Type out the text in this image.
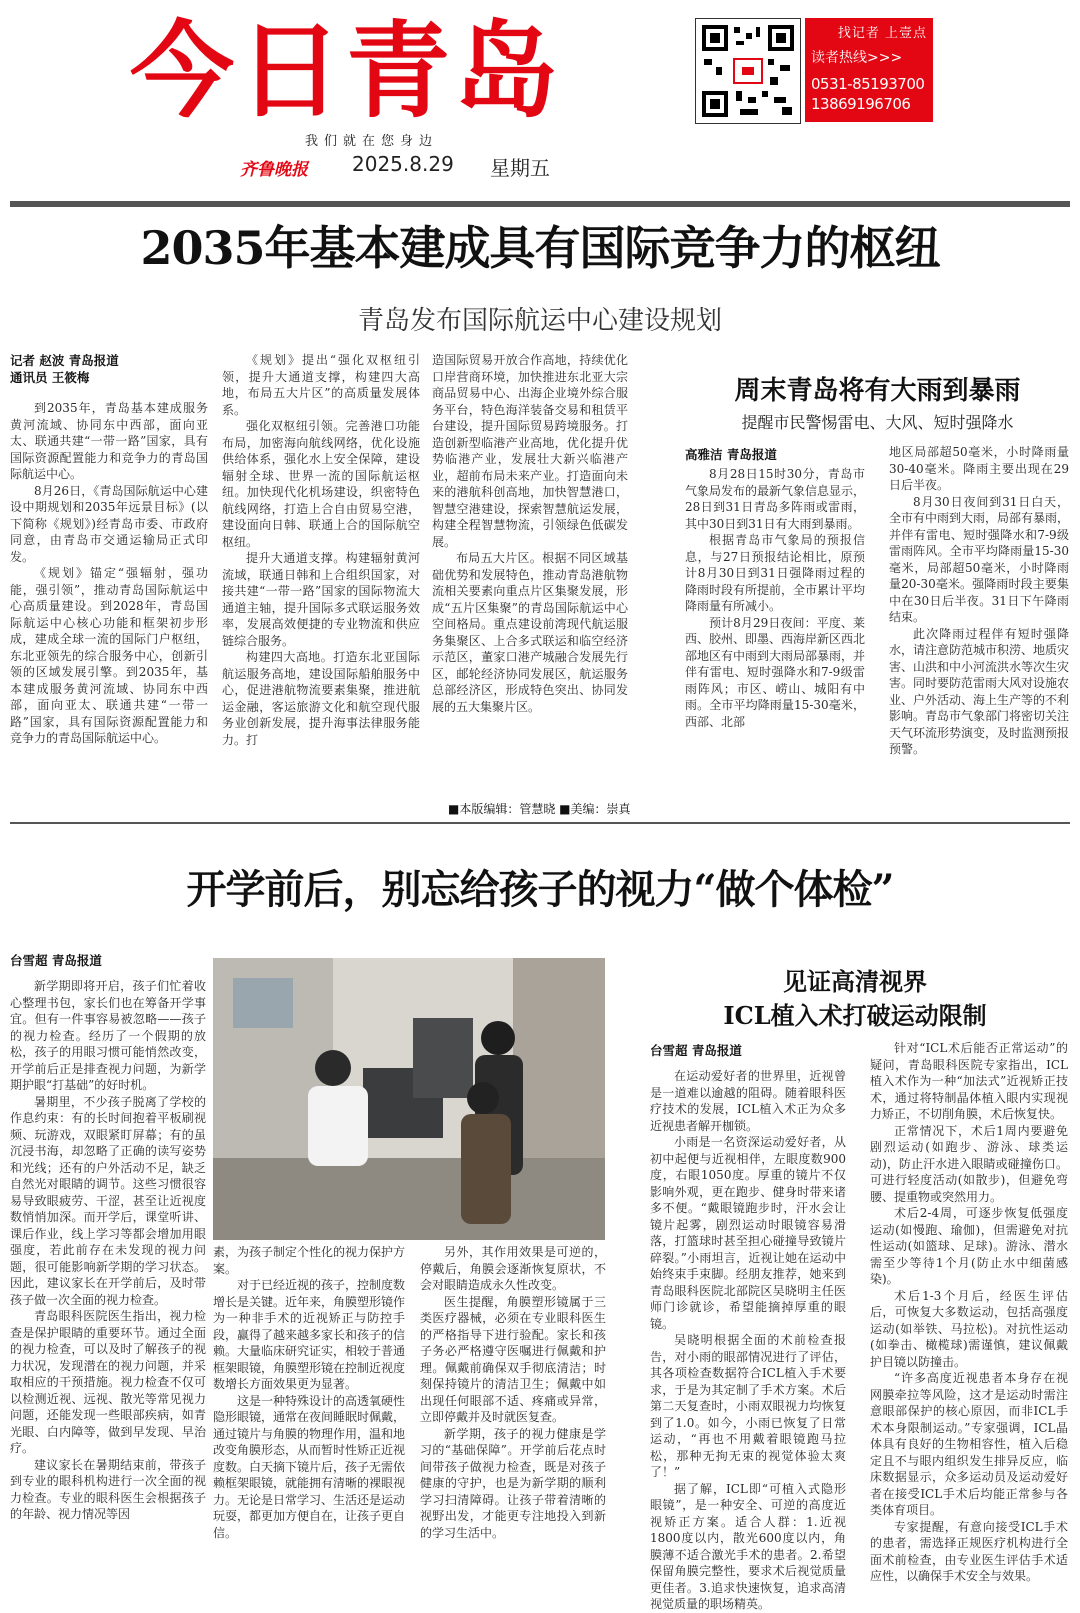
今日青岛	找记者 上壹点
读者热线>>>
0531-85193700
13869196706
我们就在您身边
齐鲁晚报 2025.8.29 星期五
2035年基本建成具有国际竞争力的枢纽
青岛发布国际航运中心建设规划
记者 赵波 青岛报道
通讯员 王筱梅

到2035年，青岛基本建成服务黄河流域、协同东中西部，面向亚太、联通共建“一带一路”国家，具有国际资源配置能力和竞争力的青岛国际航运中心。

8月26日，《青岛国际航运中心建设中期规划和2035年远景目标》(以下简称《规划》)经青岛市委、市政府同意，由青岛市交通运输局正式印发。

《规划》锚定“强辐射，强功能，强引领”，推动青岛国际航运中心高质量建设。到2028年，青岛国际航运中心核心功能和框架初步形成，建成全球一流的国际门户枢纽，东北亚领先的综合服务中心，创新引领的区域发展引擎。到2035年，基本建成服务黄河流域、协同东中西部，面向亚太、联通共建“一带一路”国家，具有国际资源配置能力和竞争力的青岛国际航运中心。

《规划》提出“强化双枢纽引领，提升大通道支撑，构建四大高地，布局五大片区”的高质量发展体系。

强化双枢纽引领。完善港口功能布局，加密海向航线网络，优化设施供给体系，强化水上安全保障，建设辐射全球、世界一流的国际航运枢纽。加快现代化机场建设，织密特色航线网络，打造上合自由贸易空港，建设面向日韩、联通上合的国际航空枢纽。

提升大通道支撑。构建辐射黄河流域，联通日韩和上合组织国家，对接共建“一带一路”国家的国际物流大通道主轴，提升国际多式联运服务效率，发展高效便捷的专业物流和供应链综合服务。

构建四大高地。打造东北亚国际航运服务高地，建设国际船舶服务中心，促进港航物流要素集聚，推进航运金融，客运旅游文化和航空现代服务业创新发展，提升海事法律服务能力。打

造国际贸易开放合作高地，持续优化口岸营商环境，加快推进东北亚大宗商品贸易中心、出海企业境外综合服务平台，特色海洋装备交易和租赁平台建设，提升国际贸易跨境服务。打造创新型临港产业高地，优化提升优势临港产业，发展壮大新兴临港产业，超前布局未来产业。打造面向未来的港航科创高地，加快智慧港口，智慧空港建设，探索智慧航运发展，构建全程智慧物流，引领绿色低碳发展。

布局五大片区。根据不同区域基础优势和发展特色，推动青岛港航物流相关要素向重点片区集聚发展，形成“五片区集聚”的青岛国际航运中心空间格局。重点建设前湾现代航运服务集聚区、上合多式联运和临空经济示范区，董家口港产城融合发展先行区，邮轮经济协同发展区，航运服务总部经济区，形成特色突出、协同发展的五大集聚片区。

周末青岛将有大雨到暴雨
提醒市民警惕雷电、大风、短时强降水
高雅洁 青岛报道

8月28日15时30分，青岛市气象局发布的最新气象信息显示，28日到31日青岛多阵雨或雷雨，其中30日到31日有大雨到暴雨。

根据青岛市气象局的预报信息，与27日预报结论相比，原预计8月30日到31日强降雨过程的降雨时段有所提前，全市累计平均降雨量有所减小。

预计8月29日夜间：平度、莱西、胶州、即墨、西海岸新区西北部地区有中雨到大雨局部暴雨，并伴有雷电、短时强降水和7-9级雷雨阵风；市区、崂山、城阳有中雨。全市平均降雨量15-30毫米，西部、北部

地区局部超50毫米，小时降雨量30-40毫米。降雨主要出现在29日后半夜。

8月30日夜间到31日白天，全市有中雨到大雨，局部有暴雨，并伴有雷电、短时强降水和7-9级雷雨阵风。全市平均降雨量15-30毫米，局部超50毫米，小时降雨量20-30毫米。强降雨时段主要集中在30日后半夜。31日下午降雨结束。

此次降雨过程伴有短时强降水，请注意防范城市积涝、地质灾害、山洪和中小河流洪水等次生灾害。同时要防范雷雨大风对设施农业、户外活动、海上生产等的不利影响。青岛市气象部门将密切关注天气环流形势演变，及时监测预报预警。

■本版编辑：管慧晓 ■美编：崇真
开学前后，别忘给孩子的视力“做个体检”
台雪超 青岛报道

新学期即将开启，孩子们忙着收心整理书包，家长们也在筹备开学事宜。但有一件事容易被忽略——孩子的视力检查。经历了一个假期的放松，孩子的用眼习惯可能悄然改变，开学前后正是排查视力问题，为新学期护眼“打基础”的好时机。

暑期里，不少孩子脱离了学校的作息约束：有的长时间抱着平板刷视频、玩游戏，双眼紧盯屏幕；有的虽沉浸书海，却忽略了正确的读写姿势和光线；还有的户外活动不足，缺乏自然光对眼睛的调节。这些习惯很容易导致眼疲劳、干涩，甚至让近视度数悄悄加深。而开学后，课堂听讲、课后作业，线上学习等都会增加用眼强度，若此前存在未发现的视力问题，很可能影响新学期的学习状态。因此，建议家长在开学前后，及时带孩子做一次全面的视力检查。

青岛眼科医院医生指出，视力检查是保护眼睛的重要环节。通过全面的视力检查，可以及时了解孩子的视力状况，发现潜在的视力问题，并采取相应的干预措施。视力检查不仅可以检测近视、远视、散光等常见视力问题，还能发现一些眼部疾病，如青光眼、白内障等，做到早发现、早治疗。

建议家长在暑期结束前，带孩子到专业的眼科机构进行一次全面的视力检查。专业的眼科医生会根据孩子的年龄、视力情况等因

素，为孩子制定个性化的视力保护方案。

对于已经近视的孩子，控制度数增长是关键。近年来，角膜塑形镜作为一种非手术的近视矫正与防控手段，赢得了越来越多家长和孩子的信赖。大量临床研究证实，相较于普通框架眼镜，角膜塑形镜在控制近视度数增长方面效果更为显著。

这是一种特殊设计的高透氧硬性隐形眼镜，通常在夜间睡眠时佩戴，通过镜片与角膜的物理作用，温和地改变角膜形态，从而暂时性矫正近视度数。白天摘下镜片后，孩子无需依赖框架眼镜，就能拥有清晰的裸眼视力。无论是日常学习、生活还是运动玩耍，都更加方便自在，让孩子更自信。

另外，其作用效果是可逆的，停戴后，角膜会逐渐恢复原状，不会对眼睛造成永久性改变。

医生提醒，角膜塑形镜属于三类医疗器械，必须在专业眼科医生的严格指导下进行验配。家长和孩子务必严格遵守医嘱进行佩戴和护理。佩戴前确保双手彻底清洁；时刻保持镜片的清洁卫生；佩戴中如出现任何眼部不适、疼痛或异常，立即停戴并及时就医复查。

新学期，孩子的视力健康是学习的“基础保障”。开学前后花点时间带孩子做视力检查，既是对孩子健康的守护，也是为新学期的顺利学习扫清障碍。让孩子带着清晰的视野出发，才能更专注地投入到新的学习生活中。

见证高清视界
ICL植入术打破运动限制
台雪超 青岛报道

在运动爱好者的世界里，近视曾是一道难以逾越的阻碍。随着眼科医疗技术的发展，ICL植入术正为众多近视患者解开枷锁。

小雨是一名资深运动爱好者，从初中起便与近视相伴，左眼度数900度，右眼1050度。厚重的镜片不仅影响外观，更在跑步、健身时带来诸多不便。“戴眼镜跑步时，汗水会让镜片起雾，剧烈运动时眼镜容易滑落，打篮球时甚至担心碰撞导致镜片碎裂。”小雨坦言，近视让她在运动中始终束手束脚。经朋友推荐，她来到青岛眼科医院北部院区吴晓明主任医师门诊就诊，希望能摘掉厚重的眼镜。

吴晓明根据全面的术前检查报告，对小雨的眼部情况进行了评估，其各项检查数据符合ICL植入手术要求，于是为其定制了手术方案。术后第二天复查时，小雨双眼视力均恢复到了1.0。如今，小雨已恢复了日常运动，“再也不用戴着眼镜跑马拉松，那种无拘无束的视觉体验太爽了！”

据了解，ICL即“可植入式隐形眼镜”，是一种安全、可逆的高度近视矫正方案。适合人群：1.近视1800度以内，散光600度以内，角膜薄不适合激光手术的患者。2.希望保留角膜完整性，要求术后视觉质量更佳者。3.追求快速恢复，追求高清视觉质量的职场精英。

针对“ICL术后能否正常运动”的疑问，青岛眼科医院专家指出，ICL植入术作为一种“加法式”近视矫正技术，通过将特制晶体植入眼内实现视力矫正，不切削角膜，术后恢复快。

正常情况下，术后1周内要避免剧烈运动(如跑步、游泳、球类运动)，防止汗水进入眼睛或碰撞伤口。可进行轻度活动(如散步)，但避免弯腰、提重物或突然用力。

术后2-4周，可逐步恢复低强度运动(如慢跑、瑜伽)，但需避免对抗性运动(如篮球、足球)。游泳、潜水需至少等待1个月(防止水中细菌感染)。

术后1-3个月后，经医生评估后，可恢复大多数运动，包括高强度运动(如举铁、马拉松)。对抗性运动(如拳击、橄榄球)需谨慎，建议佩戴护目镜以防撞击。

“许多高度近视患者本身存在视网膜牵拉等风险，这才是运动时需注意眼部保护的核心原因，而非ICL手术本身限制运动。”专家强调，ICL晶体具有良好的生物相容性，植入后稳定且不与眼内组织发生排异反应，临床数据显示，众多运动员及运动爱好者在接受ICL手术后均能正常参与各类体育项目。

专家提醒，有意向接受ICL手术的患者，需选择正规医疗机构进行全面术前检查，由专业医生评估手术适应性，以确保手术安全与效果。
